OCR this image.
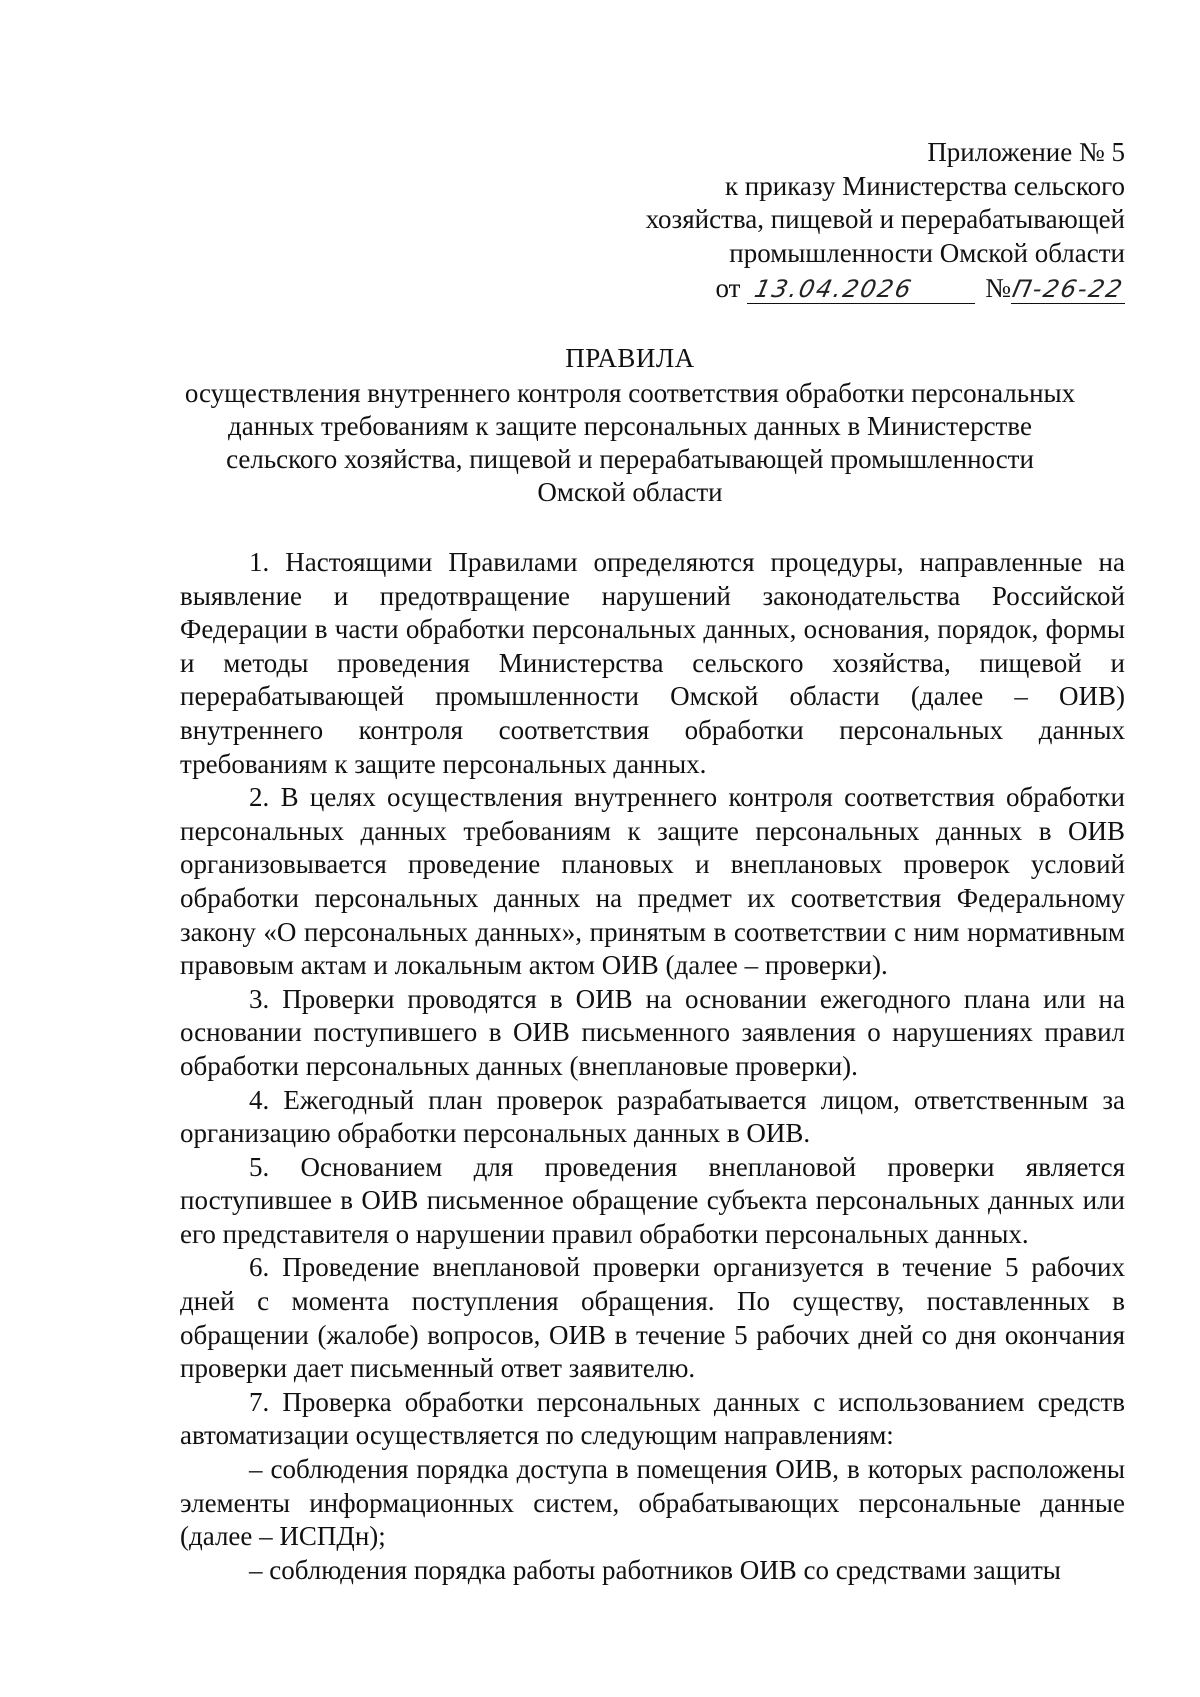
Приложение № 5
к приказу Министерства сельского
хозяйства, пищевой и перерабатывающей
промышленности Омской области
от 13.04.2026	№П-26-22
ПРАВИЛА
осуществления внутреннего контроля соответствия обработки персональных
данных требованиям к защите персональных данных в Министерстве
сельского хозяйства, пищевой и перерабатывающей промышленности
Омской области

1. Настоящими Правилами определяются процедуры, направленные на выявление и предотвращение нарушений законодательства Российской Федерации в части обработки персональных данных, основания, порядок, формы и методы проведения Министерства сельского хозяйства, пищевой и перерабатывающей промышленности Омской области (далее – ОИВ) внутреннего контроля соответствия обработки персональных данных требованиям к защите персональных данных.

2. В целях осуществления внутреннего контроля соответствия обработки персональных данных требованиям к защите персональных данных в ОИВ организовывается проведение плановых и внеплановых проверок условий обработки персональных данных на предмет их соответствия Федеральному закону «О персональных данных», принятым в соответствии с ним нормативным правовым актам и локальным актом ОИВ (далее – проверки).

3. Проверки проводятся в ОИВ на основании ежегодного плана или на основании поступившего в ОИВ письменного заявления о нарушениях правил обработки персональных данных (внеплановые проверки).

4. Ежегодный план проверок разрабатывается лицом, ответственным за организацию обработки персональных данных в ОИВ.

5. Основанием для проведения внеплановой проверки является поступившее в ОИВ письменное обращение субъекта персональных данных или его представителя о нарушении правил обработки персональных данных.

6. Проведение внеплановой проверки организуется в течение 5 рабочих дней с момента поступления обращения. По существу, поставленных в обращении (жалобе) вопросов, ОИВ в течение 5 рабочих дней со дня окончания проверки дает письменный ответ заявителю.

7. Проверка обработки персональных данных с использованием средств автоматизации осуществляется по следующим направлениям:

– соблюдения порядка доступа в помещения ОИВ, в которых расположены элементы информационных систем, обрабатывающих персональные данные (далее – ИСПДн);

– соблюдения порядка работы работников ОИВ со средствами защиты
